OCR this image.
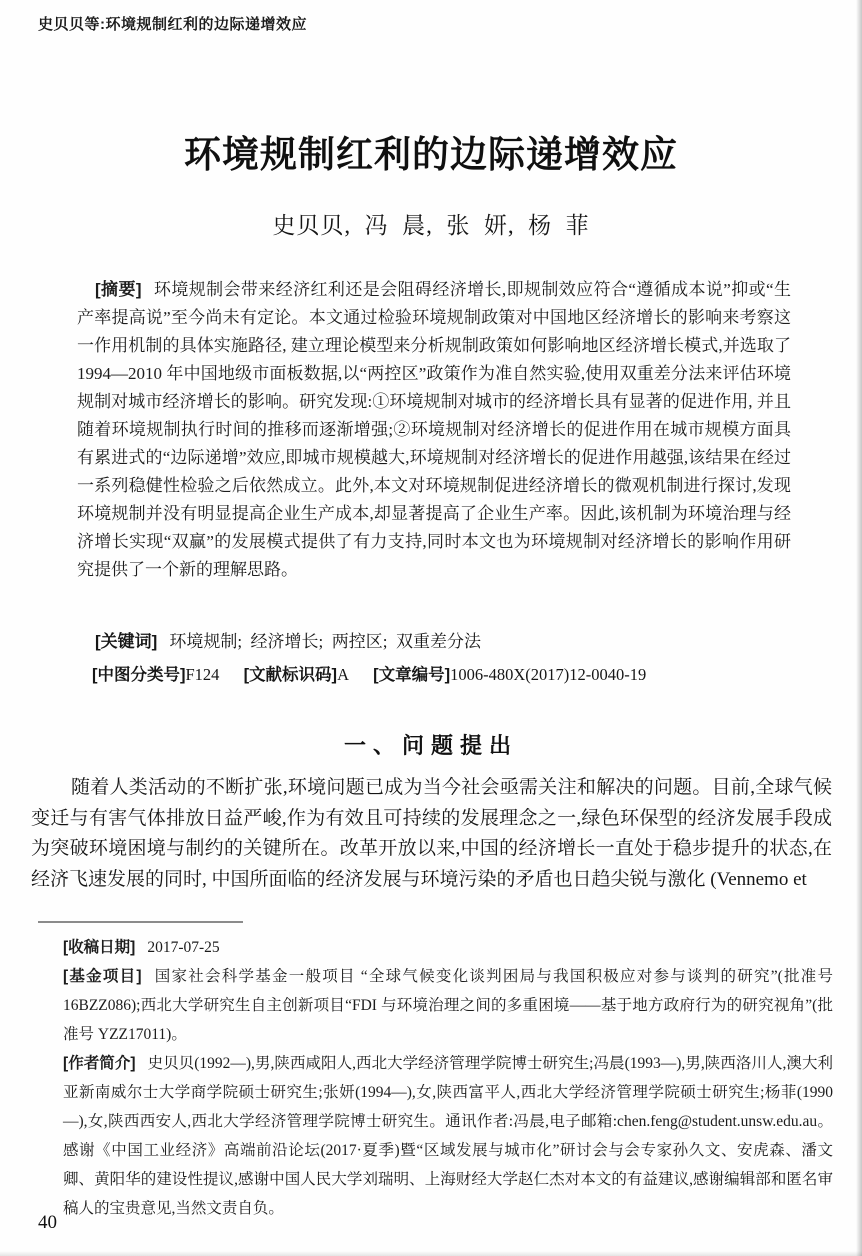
史贝贝等:环境规制红利的边际递增效应
环境规制红利的边际递增效应
史贝贝,  冯  晨,  张  妍,  杨  菲

[摘要] 环境规制会带来经济红利还是会阻碍经济增长,即规制效应符合“遵循成本说”抑或“生产率提高说”至今尚未有定论。本文通过检验环境规制政策对中国地区经济增长的影响来考察这一作用机制的具体实施路径, 建立理论模型来分析规制政策如何影响地区经济增长模式,并选取了 1994—2010 年中国地级市面板数据,以“两控区”政策作为准自然实验,使用双重差分法来评估环境规制对城市经济增长的影响。研究发现:①环境规制对城市的经济增长具有显著的促进作用, 并且随着环境规制执行时间的推移而逐渐增强;②环境规制对经济增长的促进作用在城市规模方面具有累进式的“边际递增”效应,即城市规模越大,环境规制对经济增长的促进作用越强,该结果在经过一系列稳健性检验之后依然成立。此外,本文对环境规制促进经济增长的微观机制进行探讨,发现环境规制并没有明显提高企业生产成本,却显著提高了企业生产率。因此,该机制为环境治理与经济增长实现“双赢”的发展模式提供了有力支持,同时本文也为环境规制对经济增长的影响作用研究提供了一个新的理解思路。

[关键词] 环境规制;  经济增长;  两控区;  双重差分法
[中图分类号]F124 [文献标识码]A [文章编号]1006-480X(2017)12-0040-19
一、问题提出

随着人类活动的不断扩张,环境问题已成为当今社会亟需关注和解决的问题。目前,全球气候变迁与有害气体排放日益严峻,作为有效且可持续的发展理念之一,绿色环保型的经济发展手段成为突破环境困境与制约的关键所在。改革开放以来,中国的经济增长一直处于稳步提升的状态,在经济飞速发展的同时, 中国所面临的经济发展与环境污染的矛盾也日趋尖锐与激化 (Vennemo et

[收稿日期] 2017-07-25

[基金项目] 国家社会科学基金一般项目 “全球气候变化谈判困局与我国积极应对参与谈判的研究”(批准号 16BZZ086);西北大学研究生自主创新项目“FDI 与环境治理之间的多重困境——基于地方政府行为的研究视角”(批准号 YZZ17011)。

[作者简介] 史贝贝(1992—),男,陕西咸阳人,西北大学经济管理学院博士研究生;冯晨(1993—),男,陕西洛川人,澳大利亚新南威尔士大学商学院硕士研究生;张妍(1994—),女,陕西富平人,西北大学经济管理学院硕士研究生;杨菲(1990—),女,陕西西安人,西北大学经济管理学院博士研究生。通讯作者:冯晨,电子邮箱:chen.feng@student.unsw.edu.au。感谢《中国工业经济》高端前沿论坛(2017·夏季)暨“区域发展与城市化”研讨会与会专家孙久文、安虎森、潘文卿、黄阳华的建设性提议,感谢中国人民大学刘瑞明、上海财经大学赵仁杰对本文的有益建议,感谢编辑部和匿名审稿人的宝贵意见,当然文责自负。

40
